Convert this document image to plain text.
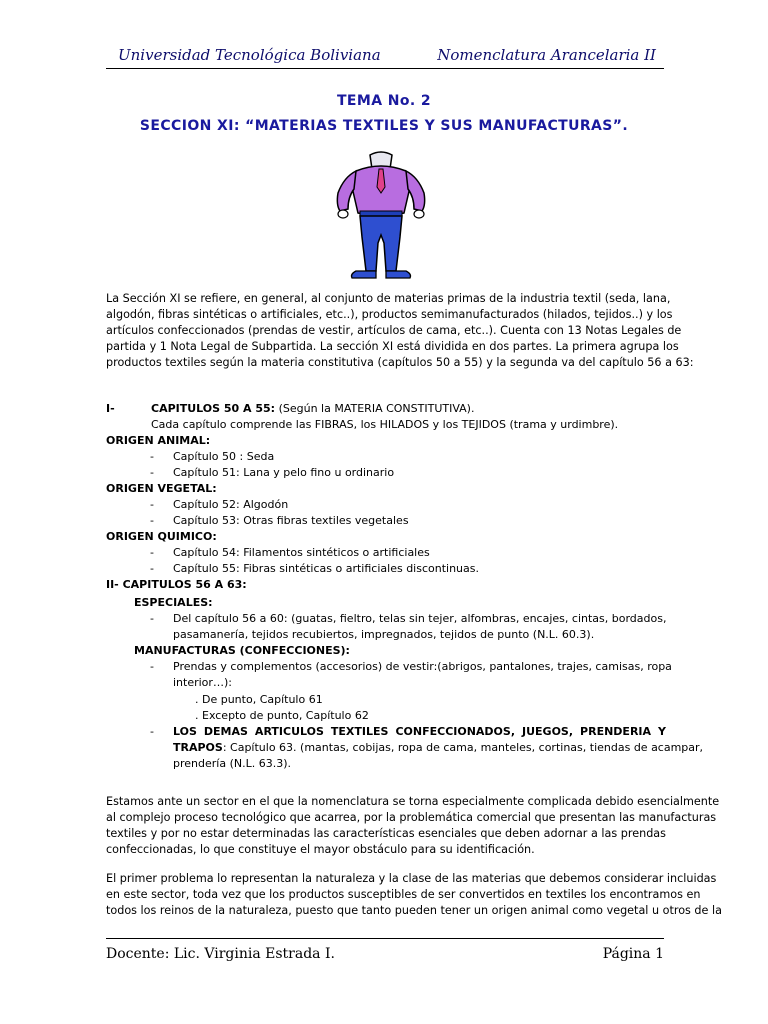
Universidad Tecnológica Boliviana	Nomenclatura Arancelaria II
TEMA No. 2
SECCION XI: “MATERIAS TEXTILES Y SUS MANUFACTURAS”.
La Sección XI se refiere, en general, al conjunto de materias primas de la industria textil (seda, lana,
algodón, fibras sintéticas o artificiales, etc..), productos semimanufacturados (hilados, tejidos..) y los
artículos confeccionados (prendas de vestir, artículos de cama, etc..). Cuenta con 13 Notas Legales de
partida y 1 Nota Legal de Subpartida. La sección XI está dividida en dos partes. La primera agrupa los
productos textiles según la materia constitutiva (capítulos 50 a 55) y la segunda va del capítulo 56 a 63:
I-	CAPITULOS 50 A 55: (Según la MATERIA CONSTITUTIVA).
Cada capítulo comprende las FIBRAS, los HILADOS y los TEJIDOS (trama y urdimbre).
ORIGEN ANIMAL:
- Capítulo 50 : Seda
- Capítulo 51: Lana y pelo fino u ordinario
ORIGEN VEGETAL:
- Capítulo 52: Algodón
- Capítulo 53: Otras fibras textiles vegetales
ORIGEN QUIMICO:
- Capítulo 54: Filamentos sintéticos o artificiales
- Capítulo 55: Fibras sintéticas o artificiales discontinuas.
II- CAPITULOS 56 A 63:
ESPECIALES:
- Del capítulo 56 a 60: (guatas, fieltro, telas sin tejer, alfombras, encajes, cintas, bordados,
pasamanería, tejidos recubiertos, impregnados, tejidos de punto (N.L. 60.3).
MANUFACTURAS (CONFECCIONES):
- Prendas y complementos (accesorios) de vestir:(abrigos, pantalones, trajes, camisas, ropa
interior…):
. De punto, Capítulo 61
. Excepto de punto, Capítulo 62
- LOS DEMAS ARTICULOS TEXTILES CONFECCIONADOS, JUEGOS, PRENDERIA Y
TRAPOS: Capítulo 63. (mantas, cobijas, ropa de cama, manteles, cortinas, tiendas de acampar,
prendería (N.L. 63.3).
Estamos ante un sector en el que la nomenclatura se torna especialmente complicada debido esencialmente
al complejo proceso tecnológico que acarrea, por la problemática comercial que presentan las manufacturas
textiles y por no estar determinadas las características esenciales que deben adornar a las prendas
confeccionadas, lo que constituye el mayor obstáculo para su identificación.
El primer problema lo representan la naturaleza y la clase de las materias que debemos considerar incluidas
en este sector, toda vez que los productos susceptibles de ser convertidos en textiles los encontramos en
todos los reinos de la naturaleza, puesto que tanto pueden tener un origen animal como vegetal u otros de la
Docente: Lic. Virginia Estrada I.	Página 1
